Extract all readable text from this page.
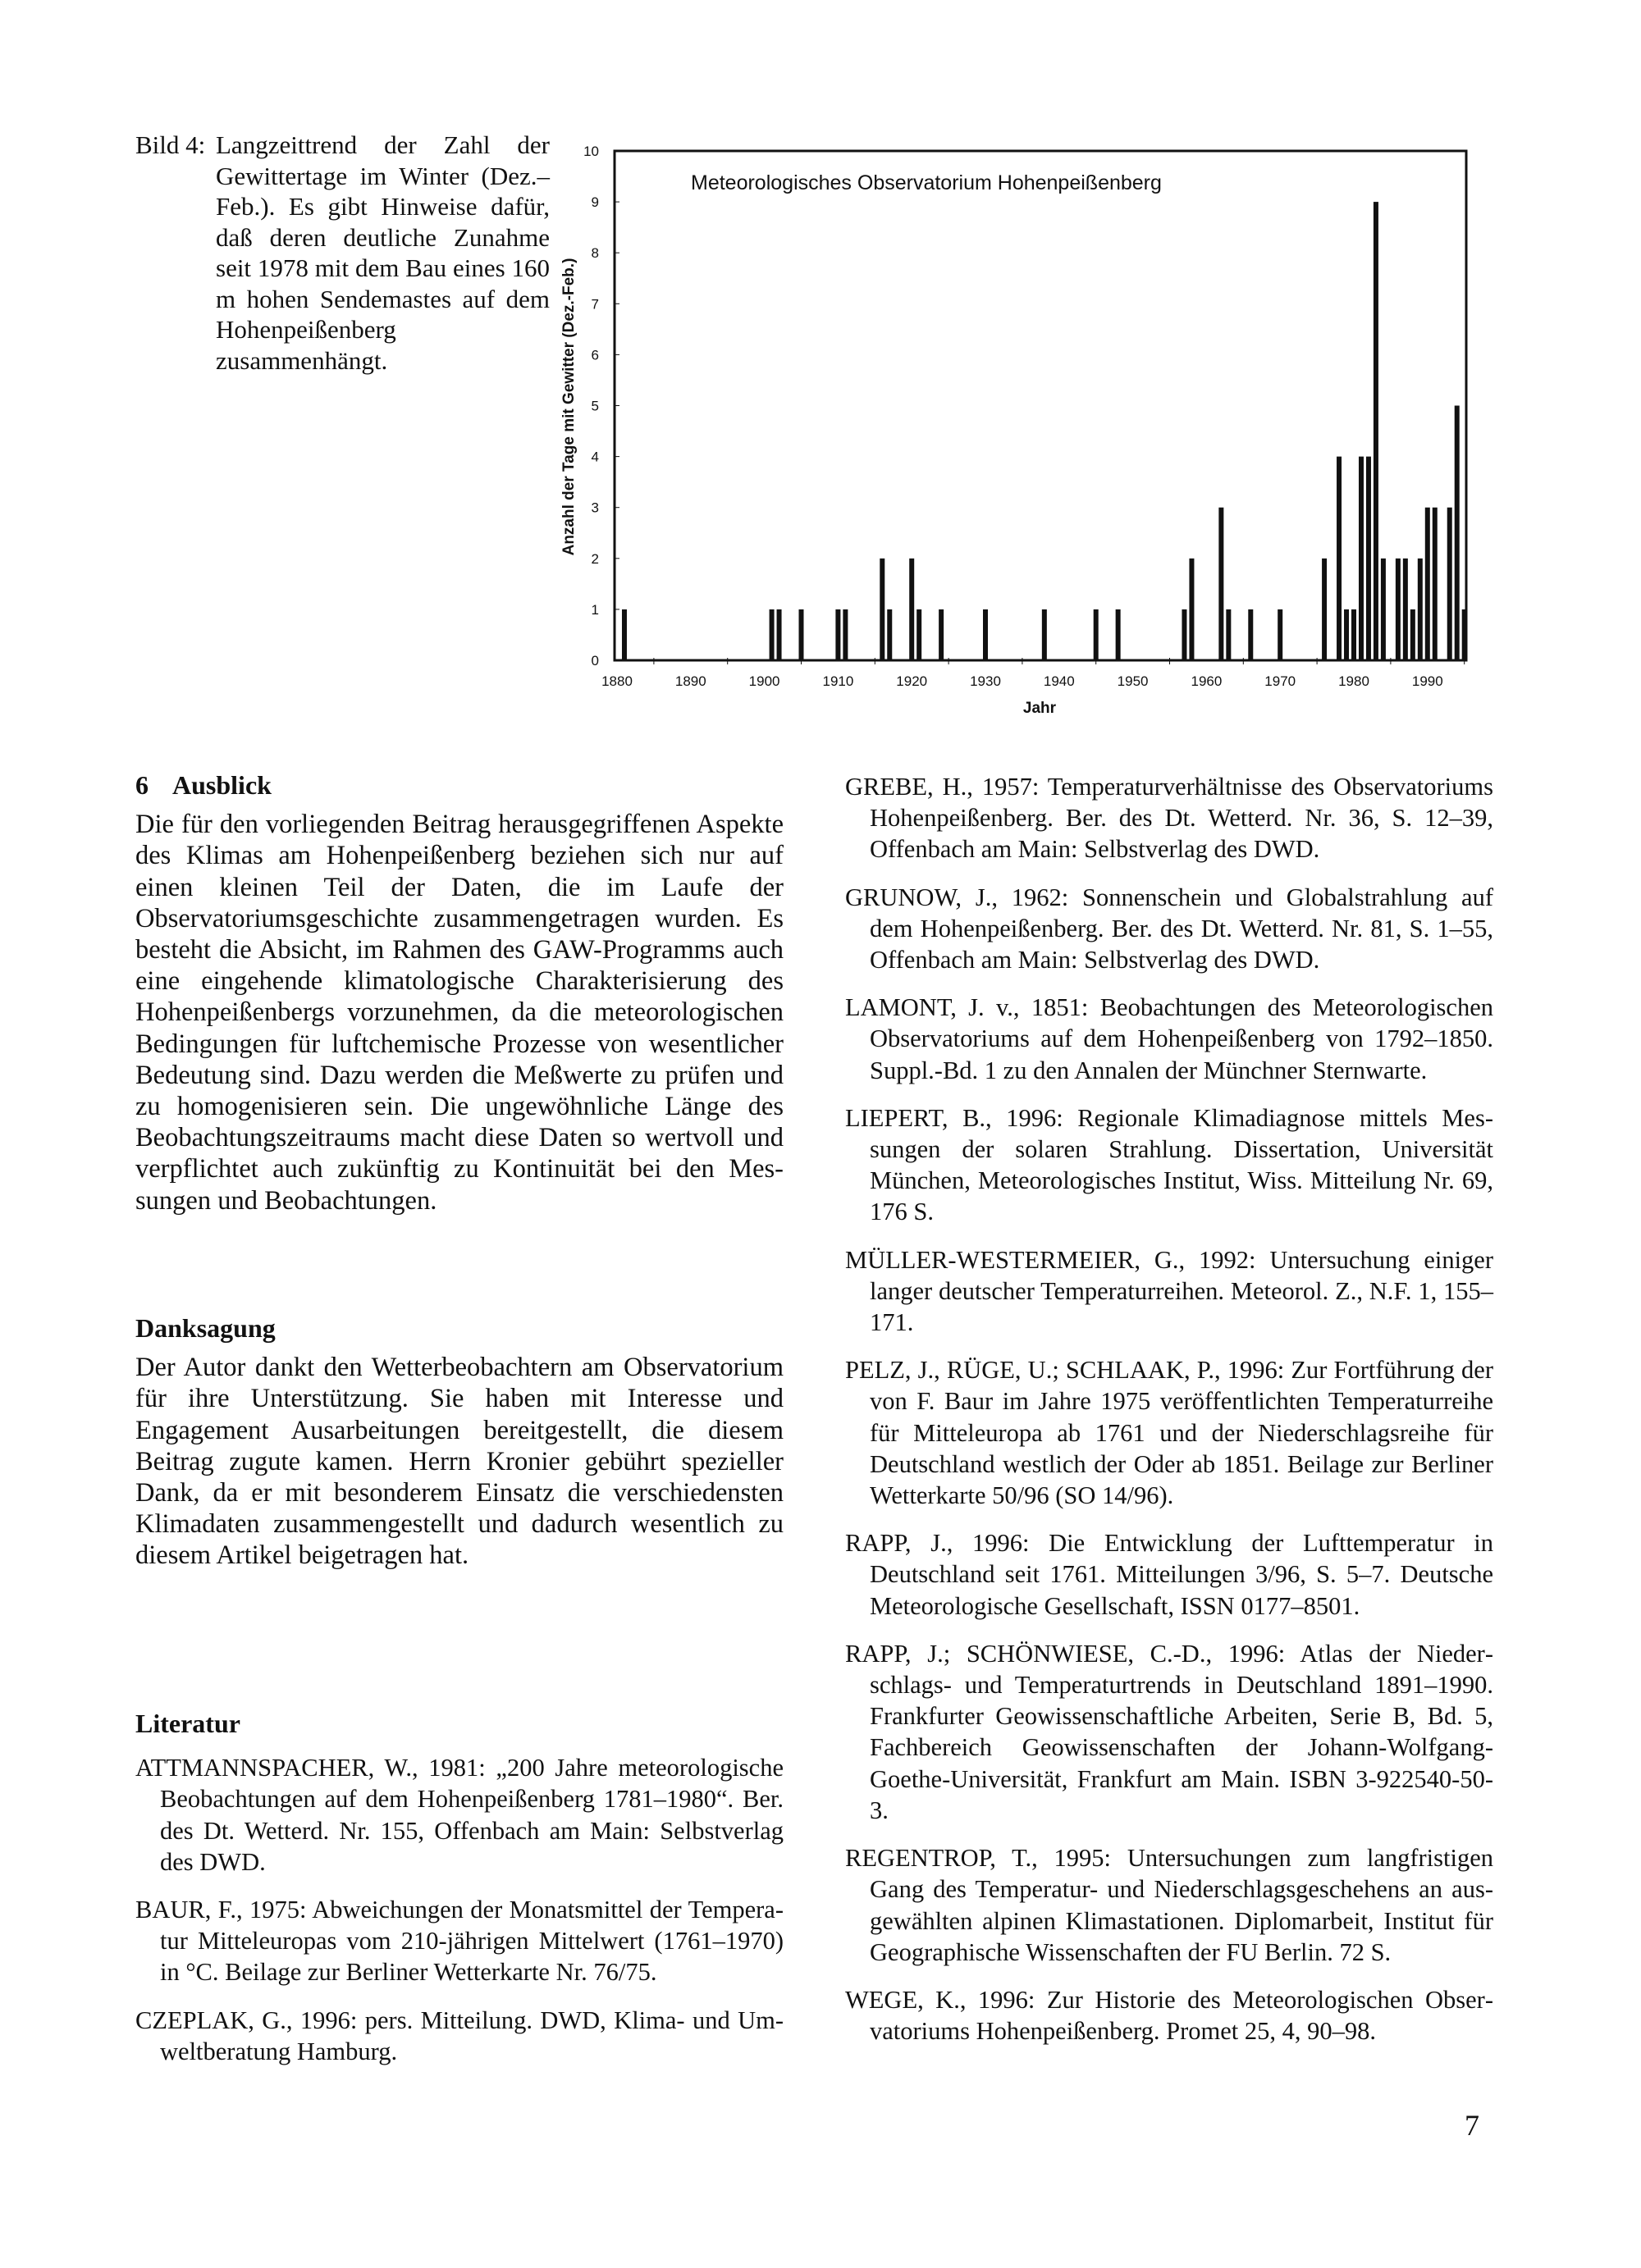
Bild 4: Langzeittrend der Zahl der Gewittertage im Winter (Dez.–Feb.). Es gibt Hinweise dafür, daß deren deutliche Zunahme seit 1978 mit dem Bau eines 160 m hohen Sendemastes auf dem Hohenpeißenberg zusammenhängt.
Meteorologisches Observatorium Hohenpeißenberg
Anzahl der Tage mit Gewitter (Dez.-Feb.)
Jahr
0
1
2
3
4
5
6
7
8
9
10
1880	1890	1900	1910	1920	1930	1940	1950	1960	1970	1980	1990
6 Ausblick

Die für den vorliegenden Beitrag herausgegriffenen Aspekte des Klimas am Hohenpeißenberg beziehen sich nur auf einen kleinen Teil der Daten, die im Laufe der Observatoriumsgeschichte zusammengetragen wurden. Es besteht die Absicht, im Rahmen des GAW-Programms auch eine eingehende klimatologische Charakterisierung des Hohenpeißenbergs vorzunehmen, da die meteorologischen Bedingungen für luftchemische Prozesse von wesentlicher Bedeutung sind. Dazu werden die Meßwerte zu prüfen und zu homogenisieren sein. Die ungewöhnliche Länge des Beobachtungszeitraums macht diese Daten so wertvoll und verpflichtet auch zukünftig zu Kontinuität bei den Messungen und Beobachtungen.

Danksagung

Der Autor dankt den Wetterbeobachtern am Observatorium für ihre Unterstützung. Sie haben mit Interesse und Engagement Ausarbeitungen bereitgestellt, die diesem Beitrag zugute kamen. Herrn Kronier gebührt spezieller Dank, da er mit besonderem Einsatz die verschiedensten Klimadaten zusammengestellt und dadurch wesentlich zu diesem Artikel beigetragen hat.

Literatur

ATTMANNSPACHER, W., 1981: „200 Jahre meteorologische Beobachtungen auf dem Hohenpeißenberg 1781–1980“. Ber. des Dt. Wetterd. Nr. 155, Offenbach am Main: Selbstverlag des DWD.

BAUR, F., 1975: Abweichungen der Monatsmittel der Temperatur Mitteleuropas vom 210-jährigen Mittelwert (1761–1970) in °C. Beilage zur Berliner Wetterkarte Nr. 76/75.

CZEPLAK, G., 1996: pers. Mitteilung. DWD, Klima- und Umweltberatung Hamburg.

GREBE, H., 1957: Temperaturverhältnisse des Observatoriums Hohenpeißenberg. Ber. des Dt. Wetterd. Nr. 36, S. 12–39, Offenbach am Main: Selbstverlag des DWD.

GRUNOW, J., 1962: Sonnenschein und Globalstrahlung auf dem Hohenpeißenberg. Ber. des Dt. Wetterd. Nr. 81, S. 1–55, Offenbach am Main: Selbstverlag des DWD.

LAMONT, J. v., 1851: Beobachtungen des Meteorologischen Observatoriums auf dem Hohenpeißenberg von 1792–1850. Suppl.-Bd. 1 zu den Annalen der Münchner Sternwarte.

LIEPERT, B., 1996: Regionale Klimadiagnose mittels Messungen der solaren Strahlung. Dissertation, Universität München, Meteorologisches Institut, Wiss. Mitteilung Nr. 69, 176 S.

MÜLLER-WESTERMEIER, G., 1992: Untersuchung einiger langer deutscher Temperaturreihen. Meteorol. Z., N.F. 1, 155–171.

PELZ, J., RÜGE, U.; SCHLAAK, P., 1996: Zur Fortführung der von F. Baur im Jahre 1975 veröffentlichten Temperaturreihe für Mitteleuropa ab 1761 und der Niederschlagsreihe für Deutschland westlich der Oder ab 1851. Beilage zur Berliner Wetterkarte 50/96 (SO 14/96).

RAPP, J., 1996: Die Entwicklung der Lufttemperatur in Deutschland seit 1761. Mitteilungen 3/96, S. 5–7. Deutsche Meteorologische Gesellschaft, ISSN 0177–8501.

RAPP, J.; SCHÖNWIESE, C.-D., 1996: Atlas der Niederschlags- und Temperaturtrends in Deutschland 1891–1990. Frankfurter Geowissenschaftliche Arbeiten, Serie B, Bd. 5, Fachbereich Geowissenschaften der Johann-Wolfgang-Goethe-Universität, Frankfurt am Main. ISBN 3-922540-50-3.

REGENTROP, T., 1995: Untersuchungen zum langfristigen Gang des Temperatur- und Niederschlagsgeschehens an ausgewählten alpinen Klimastationen. Diplomarbeit, Institut für Geographische Wissenschaften der FU Berlin. 72 S.

WEGE, K., 1996: Zur Historie des Meteorologischen Observatoriums Hohenpeißenberg. Promet 25, 4, 90–98.

7
